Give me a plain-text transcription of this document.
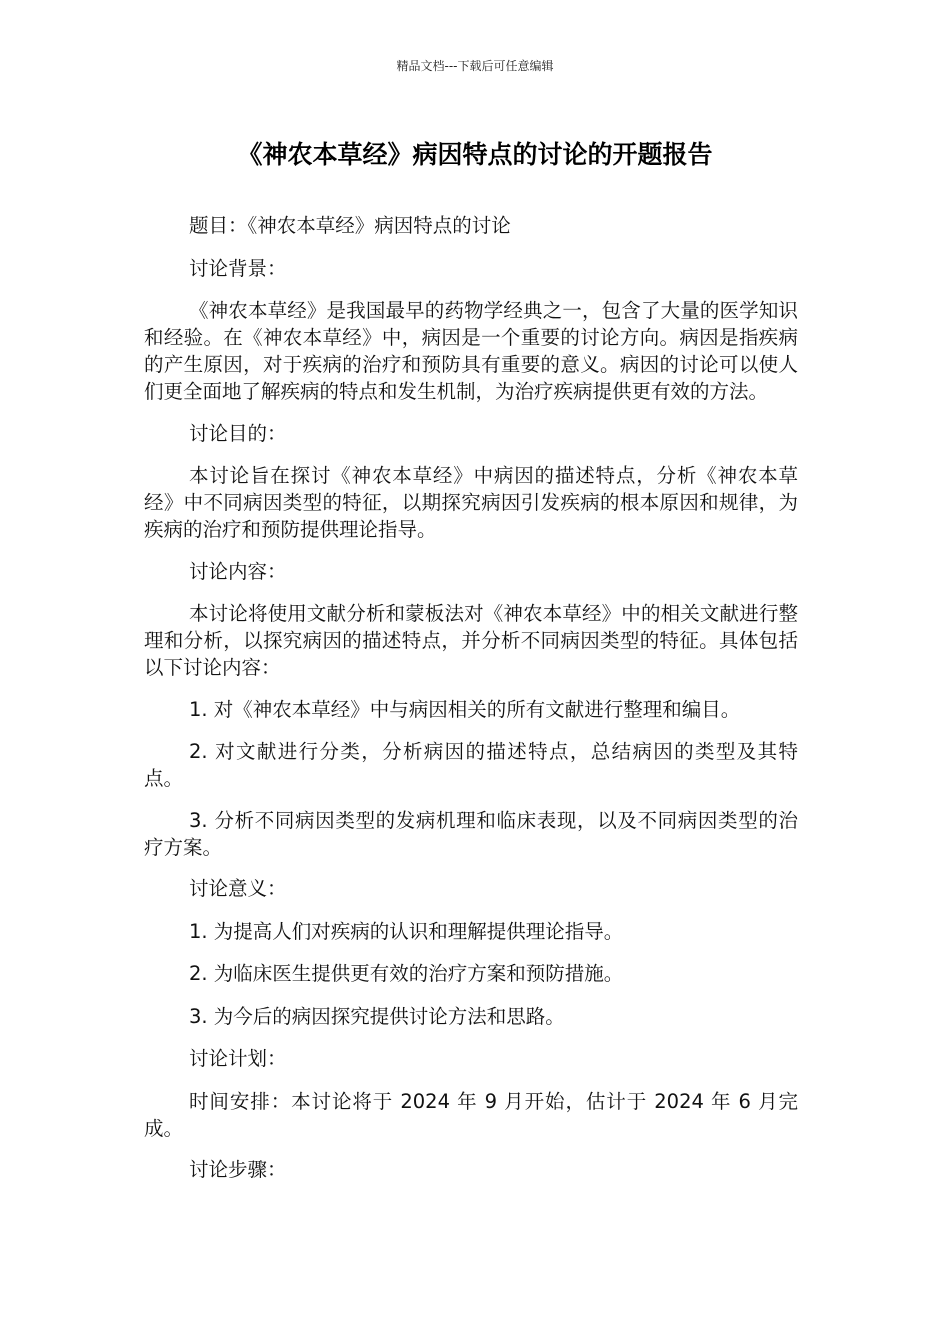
精品文档---下载后可任意编辑
《神农本草经》病因特点的讨论的开题报告

题目：《神农本草经》病因特点的讨论

讨论背景：

《神农本草经》是我国最早的药物学经典之一，包含了大量的医学知识和经验。在《神农本草经》中，病因是一个重要的讨论方向。病因是指疾病的产生原因，对于疾病的治疗和预防具有重要的意义。病因的讨论可以使人们更全面地了解疾病的特点和发生机制，为治疗疾病提供更有效的方法。

讨论目的：

本讨论旨在探讨《神农本草经》中病因的描述特点，分析《神农本草经》中不同病因类型的特征，以期探究病因引发疾病的根本原因和规律，为疾病的治疗和预防提供理论指导。

讨论内容：

本讨论将使用文献分析和蒙板法对《神农本草经》中的相关文献进行整理和分析，以探究病因的描述特点，并分析不同病因类型的特征。具体包括以下讨论内容：

1. 对《神农本草经》中与病因相关的所有文献进行整理和编目。

2. 对文献进行分类，分析病因的描述特点，总结病因的类型及其特点。

3. 分析不同病因类型的发病机理和临床表现，以及不同病因类型的治疗方案。

讨论意义：

1. 为提高人们对疾病的认识和理解提供理论指导。

2. 为临床医生提供更有效的治疗方案和预防措施。

3. 为今后的病因探究提供讨论方法和思路。

讨论计划：

时间安排：本讨论将于 2024 年 9 月开始，估计于 2024 年 6 月完成。

讨论步骤：
